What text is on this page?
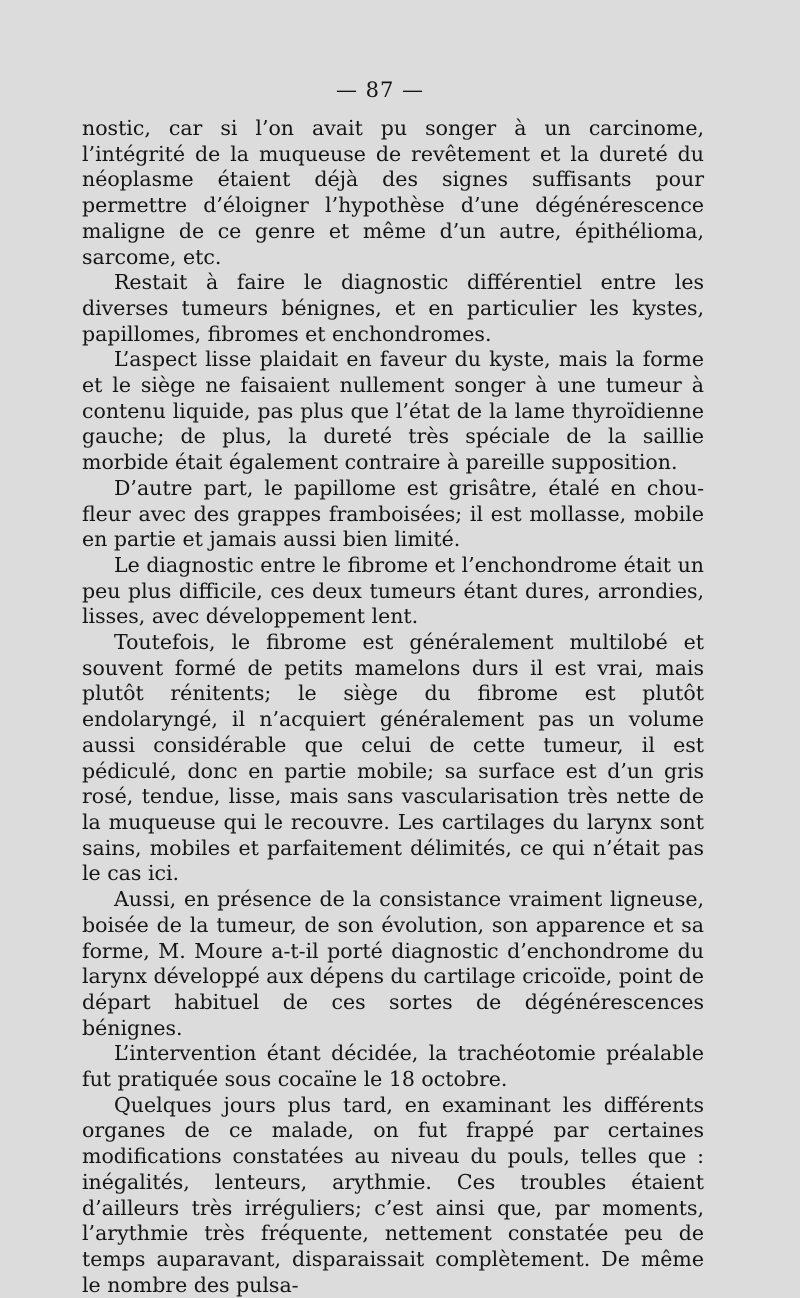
— 87 —

nostic, car si l’on avait pu songer à un carcinome, l’intégrité de la muqueuse de revêtement et la dureté du néoplasme étaient déjà des signes suffisants pour permettre d’éloigner l’hypothèse d’une dégénérescence maligne de ce genre et même d’un autre, épithélioma, sarcome, etc.

Restait à faire le diagnostic différentiel entre les diverses tumeurs bénignes, et en particulier les kystes, papillomes, fibromes et enchondromes.

L’aspect lisse plaidait en faveur du kyste, mais la forme et le siège ne faisaient nullement songer à une tumeur à contenu liquide, pas plus que l’état de la lame thyroïdienne gauche; de plus, la dureté très spéciale de la saillie morbide était également contraire à pareille supposition.

D’autre part, le papillome est grisâtre, étalé en chou-fleur avec des grappes framboisées; il est mollasse, mobile en partie et jamais aussi bien limité.

Le diagnostic entre le fibrome et l’enchondrome était un peu plus difficile, ces deux tumeurs étant dures, arrondies, lisses, avec développement lent.

Toutefois, le fibrome est généralement multilobé et souvent formé de petits mamelons durs il est vrai, mais plutôt rénitents; le siège du fibrome est plutôt endolaryngé, il n’acquiert généralement pas un volume aussi considérable que celui de cette tumeur, il est pédiculé, donc en partie mobile; sa surface est d’un gris rosé, tendue, lisse, mais sans vascularisation très nette de la muqueuse qui le recouvre. Les cartilages du larynx sont sains, mobiles et parfaitement délimités, ce qui n’était pas le cas ici.

Aussi, en présence de la consistance vraiment ligneuse, boisée de la tumeur, de son évolution, son apparence et sa forme, M. Moure a-t-il porté diagnostic d’enchondrome du larynx développé aux dépens du cartilage cricoïde, point de départ habituel de ces sortes de dégénérescences bénignes.

L’intervention étant décidée, la trachéotomie préalable fut pratiquée sous cocaïne le 18 octobre.

Quelques jours plus tard, en examinant les différents organes de ce malade, on fut frappé par certaines modifications constatées au niveau du pouls, telles que : inégalités, lenteurs, arythmie. Ces troubles étaient d’ailleurs très irréguliers; c’est ainsi que, par moments, l’arythmie très fréquente, nettement constatée peu de temps auparavant, disparaissait complètement. De même le nombre des pulsa-
